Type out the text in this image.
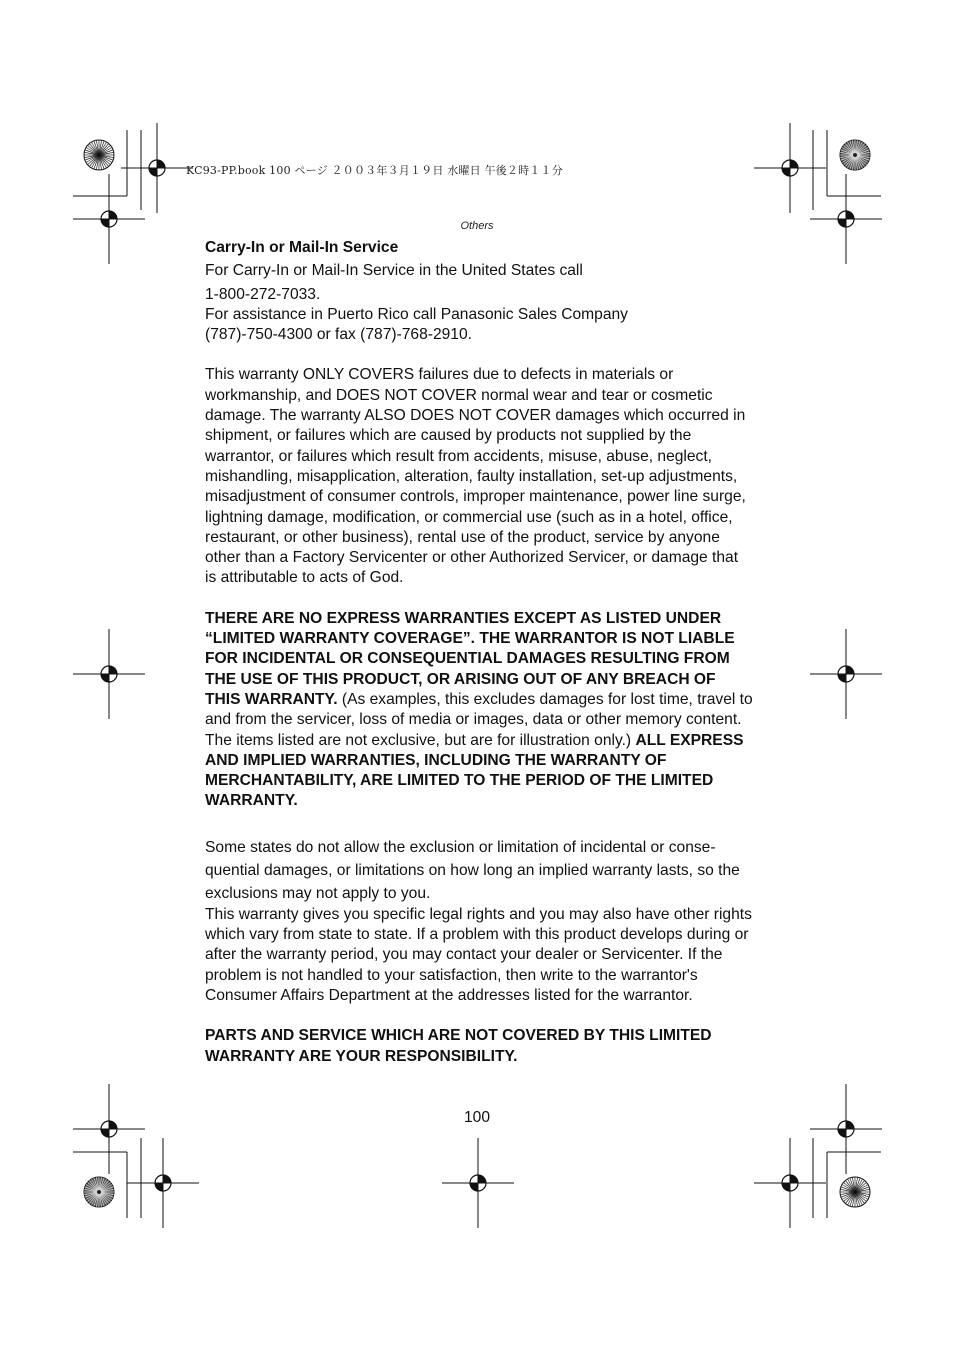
KC93-PP.book 100 ページ ２００３年３月１９日 水曜日 午後２時１１分
Others

Carry-In or Mail-In Service

For Carry-In or Mail-In Service in the United States call

1-800-272-7033.

For assistance in Puerto Rico call Panasonic Sales Company

(787)-750-4300 or fax (787)-768-2910.

This warranty ONLY COVERS failures due to defects in materials or workmanship, and DOES NOT COVER normal wear and tear or cosmetic damage. The warranty ALSO DOES NOT COVER damages which occurred in shipment, or failures which are caused by products not supplied by the warrantor, or failures which result from accidents, misuse, abuse, neglect, mishandling, misapplication, alteration, faulty installation, set-up adjustments, misadjustment of consumer controls, improper maintenance, power line surge, lightning damage, modification, or commercial use (such as in a hotel, office, restaurant, or other business), rental use of the product, service by anyone other than a Factory Servicenter or other Authorized Servicer, or damage that is attributable to acts of God.

THERE ARE NO EXPRESS WARRANTIES EXCEPT AS LISTED UNDER “LIMITED WARRANTY COVERAGE”. THE WARRANTOR IS NOT LIABLE FOR INCIDENTAL OR CONSEQUENTIAL DAMAGES RESULTING FROM THE USE OF THIS PRODUCT, OR ARISING OUT OF ANY BREACH OF THIS WARRANTY. (As examples, this excludes damages for lost time, travel to and from the servicer, loss of media or images, data or other memory content. The items listed are not exclusive, but are for illustration only.) ALL EXPRESS AND IMPLIED WARRANTIES, INCLUDING THE WARRANTY OF MERCHANTABILITY, ARE LIMITED TO THE PERIOD OF THE LIMITED WARRANTY.

Some states do not allow the exclusion or limitation of incidental or conse-quential damages, or limitations on how long an implied warranty lasts, so the exclusions may not apply to you.

This warranty gives you specific legal rights and you may also have other rights which vary from state to state. If a problem with this product develops during or after the warranty period, you may contact your dealer or Servicenter. If the problem is not handled to your satisfaction, then write to the warrantor's Consumer Affairs Department at the addresses listed for the warrantor.

PARTS AND SERVICE WHICH ARE NOT COVERED BY THIS LIMITED WARRANTY ARE YOUR RESPONSIBILITY.

100
